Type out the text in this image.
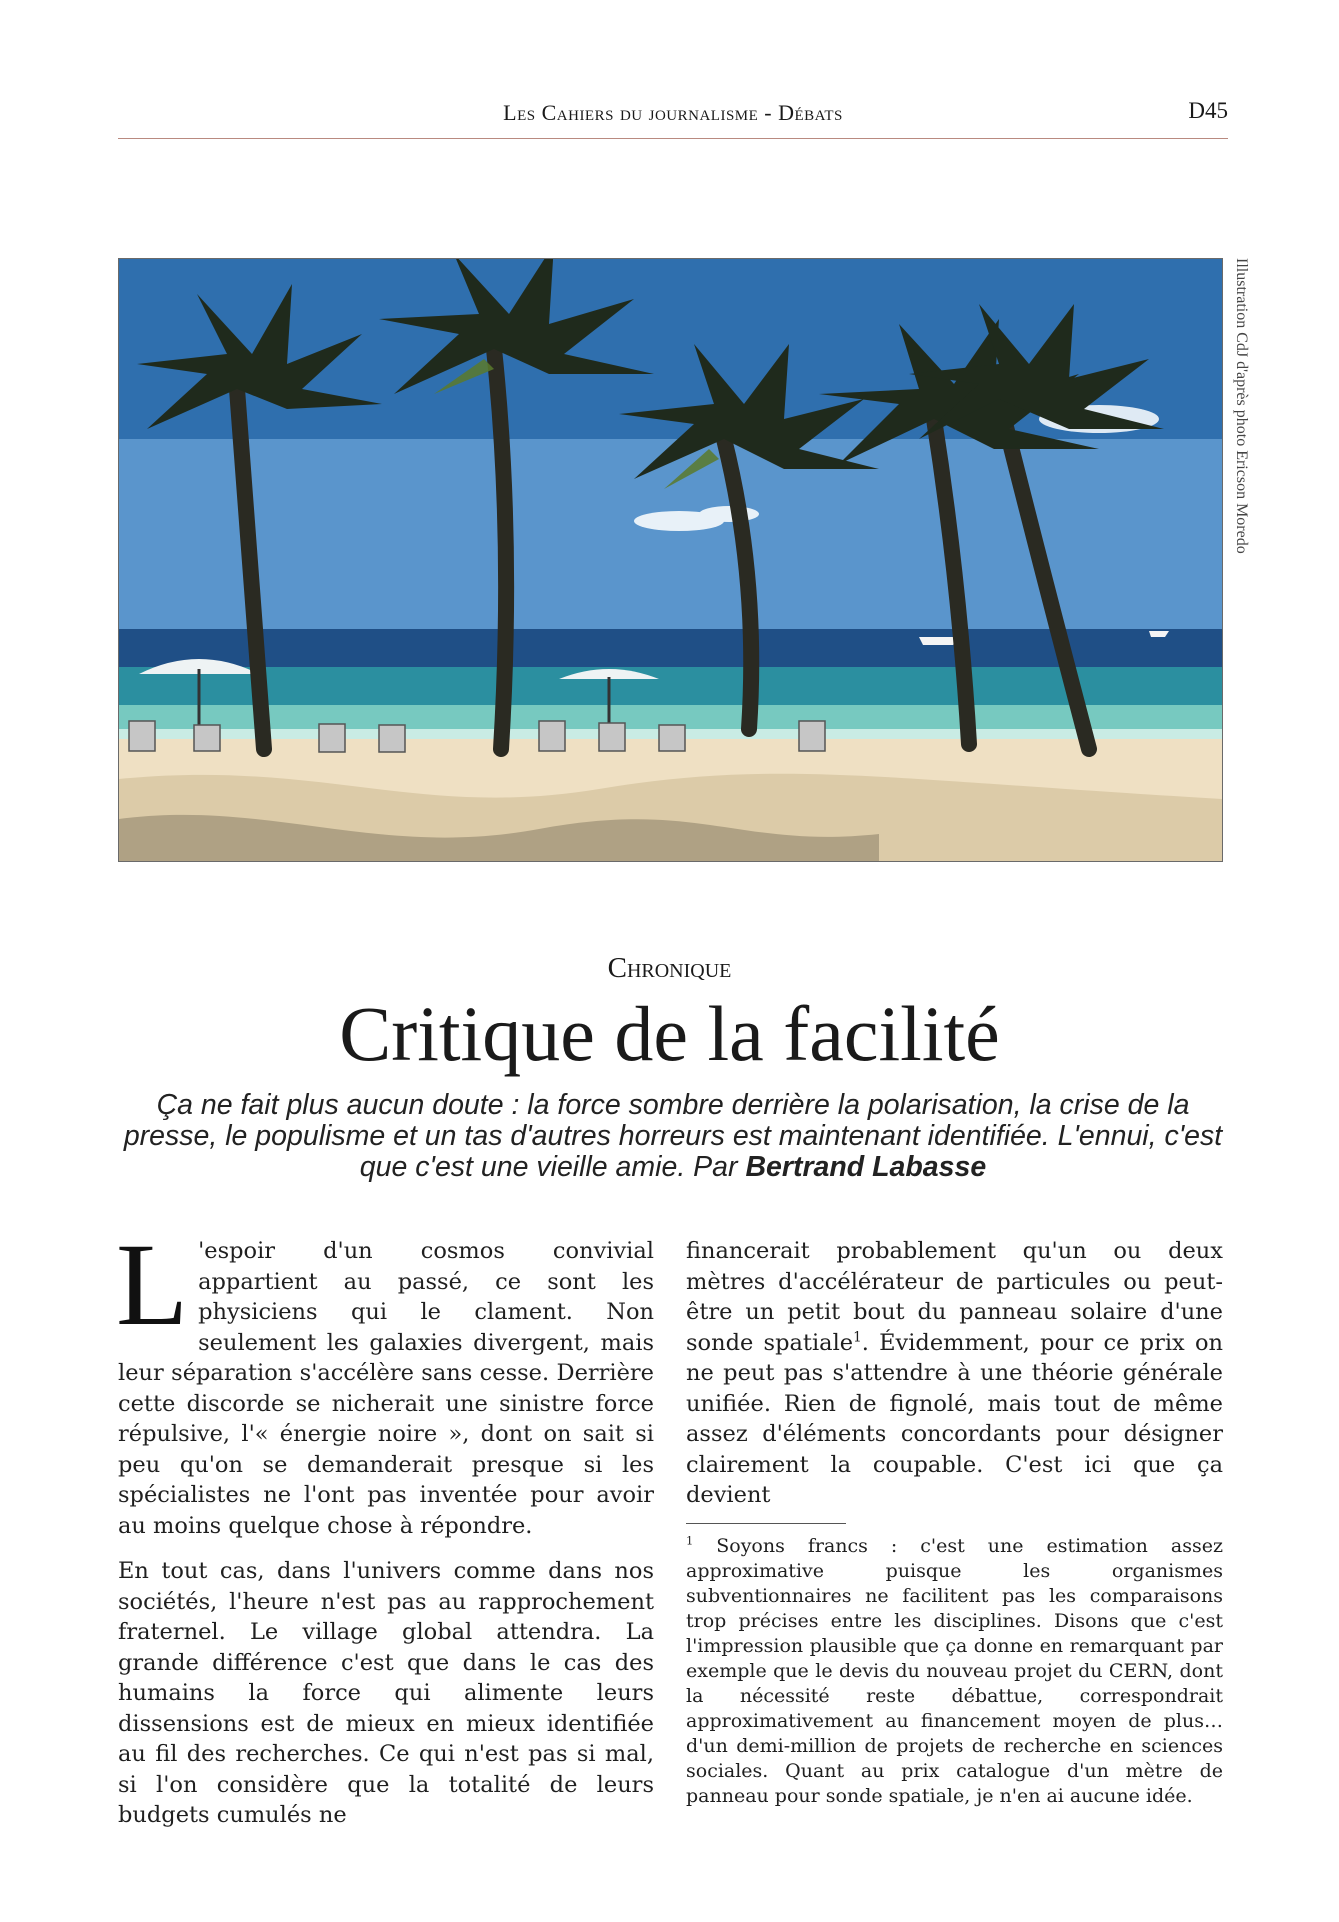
Les Cahiers du journalisme - Débats	D45
Illustration CdJ d'après photo Ericson Moredo
Chronique
Critique de la facilité
Ça ne fait plus aucun doute : la force sombre derrière la polarisation, la crise de la presse, le populisme et un tas d'autres horreurs est maintenant identifiée. L'ennui, c'est que c'est une vieille amie. Par Bertrand Labasse

L 'espoir d'un cosmos convivial appartient au passé, ce sont les physiciens qui le clament. Non seulement les galaxies divergent, mais leur séparation s'accélère sans cesse. Derrière cette discorde se nicherait une sinistre force répulsive, l'« énergie noire », dont on sait si peu qu'on se demanderait presque si les spécialistes ne l'ont pas inventée pour avoir au moins quelque chose à répondre.

En tout cas, dans l'univers comme dans nos sociétés, l'heure n'est pas au rapprochement fraternel. Le village global attendra. La grande différence c'est que dans le cas des humains la force qui alimente leurs dissensions est de mieux en mieux identifiée au fil des recherches. Ce qui n'est pas si mal, si l'on considère que la totalité de leurs budgets cumulés ne

financerait probablement qu'un ou deux mètres d'accélérateur de particules ou peut-être un petit bout du panneau solaire d'une sonde spatiale$^1$. Évidemment, pour ce prix on ne peut pas s'attendre à une théorie générale unifiée. Rien de fignolé, mais tout de même assez d'éléments concordants pour désigner clairement la coupable. C'est ici que ça devient

$^1$ Soyons francs : c'est une estimation assez approximative puisque les organismes subventionnaires ne facilitent pas les comparaisons trop précises entre les disciplines. Disons que c'est l'impression plausible que ça donne en remarquant par exemple que le devis du nouveau projet du CERN, dont la nécessité reste débattue, correspondrait approximativement au financement moyen de plus… d'un demi-million de projets de recherche en sciences sociales. Quant au prix catalogue d'un mètre de panneau pour sonde spatiale, je n'en ai aucune idée.
